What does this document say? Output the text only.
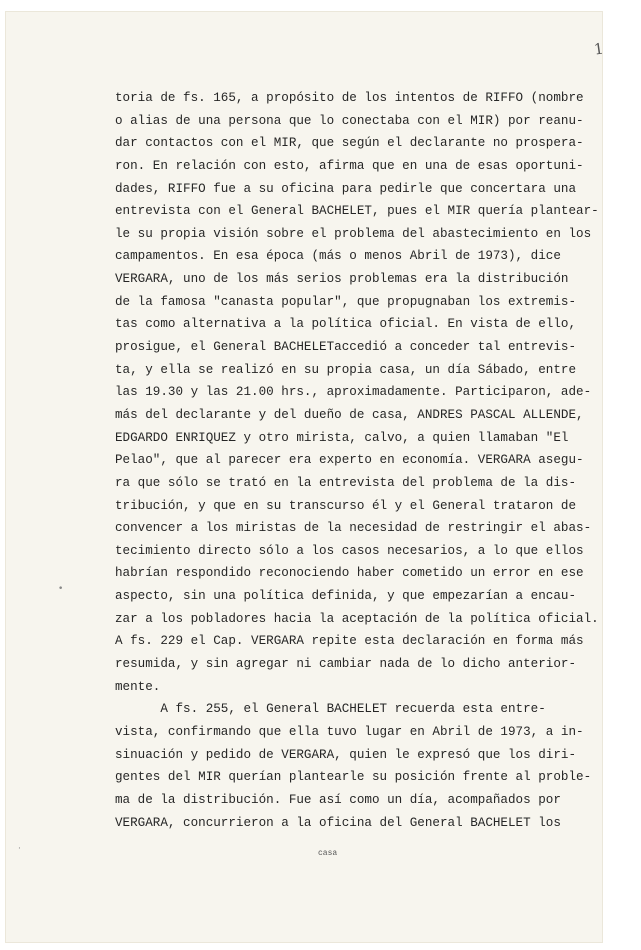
1
•
·	casa
toria de fs. 165, a propósito de los intentos de RIFFO (nombre
o alias de una persona que lo conectaba con el MIR) por reanu-
dar contactos con el MIR, que según el declarante no prospera-
ron. En relación con esto, afirma que en una de esas oportuni-
dades, RIFFO fue a su oficina para pedirle que concertara una
entrevista con el General BACHELET, pues el MIR quería plantear-
le su propia visión sobre el problema del abastecimiento en los
campamentos. En esa época (más o menos Abril de 1973), dice
VERGARA, uno de los más serios problemas era la distribución
de la famosa "canasta popular", que propugnaban los extremis-
tas como alternativa a la política oficial. En vista de ello,
prosigue, el General BACHELETaccedió a conceder tal entrevis-
ta, y ella se realizó en su propia casa, un día Sábado, entre
las 19.30 y las 21.00 hrs., aproximadamente. Participaron, ade-
más del declarante y del dueño de casa, ANDRES PASCAL ALLENDE,
EDGARDO ENRIQUEZ y otro mirista, calvo, a quien llamaban "El
Pelao", que al parecer era experto en economía. VERGARA asegu-
ra que sólo se trató en la entrevista del problema de la dis-
tribución, y que en su transcurso él y el General trataron de
convencer a los miristas de la necesidad de restringir el abas-
tecimiento directo sólo a los casos necesarios, a lo que ellos
habrían respondido reconociendo haber cometido un error en ese
aspecto, sin una política definida, y que empezarían a encau-
zar a los pobladores hacia la aceptación de la política oficial.
A fs. 229 el Cap. VERGARA repite esta declaración en forma más
resumida, y sin agregar ni cambiar nada de lo dicho anterior-
mente.
A fs. 255, el General BACHELET recuerda esta entre-
vista, confirmando que ella tuvo lugar en Abril de 1973, a in-
sinuación y pedido de VERGARA, quien le expresó que los diri-
gentes del MIR querían plantearle su posición frente al proble-
ma de la distribución. Fue así como un día, acompañados por
VERGARA, concurrieron a la oficina del General BACHELET los
